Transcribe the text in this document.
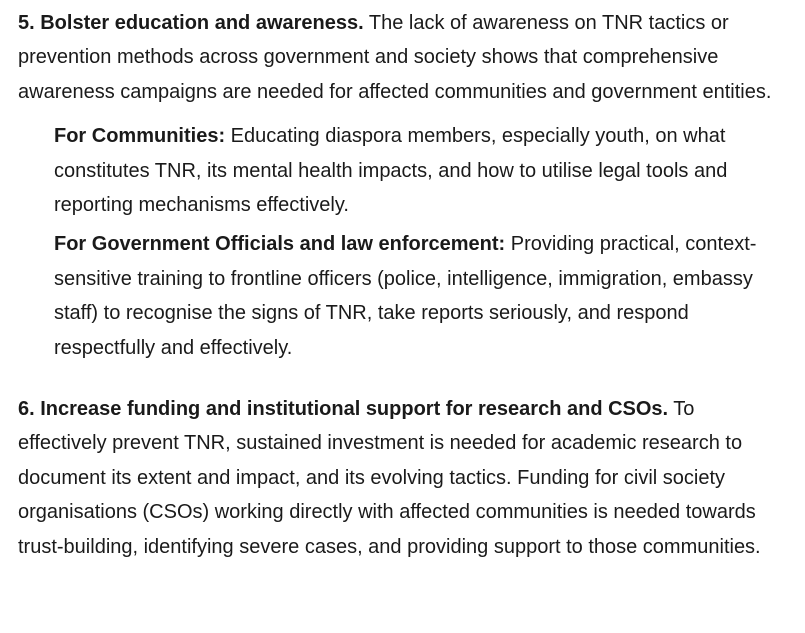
5. Bolster education and awareness. The lack of awareness on TNR tactics or prevention methods across government and society shows that comprehensive awareness campaigns are needed for affected communities and government entities.

For Communities: Educating diaspora members, especially youth, on what constitutes TNR, its mental health impacts, and how to utilise legal tools and reporting mechanisms effectively.

For Government Officials and law enforcement: Providing practical, context-sensitive training to frontline officers (police, intelligence, immigration, embassy staff) to recognise the signs of TNR, take reports seriously, and respond respectfully and effectively.

6. Increase funding and institutional support for research and CSOs. To effectively prevent TNR, sustained investment is needed for academic research to document its extent and impact, and its evolving tactics. Funding for civil society organisations (CSOs) working directly with affected communities is needed towards trust-building, identifying severe cases, and providing support to those communities.
